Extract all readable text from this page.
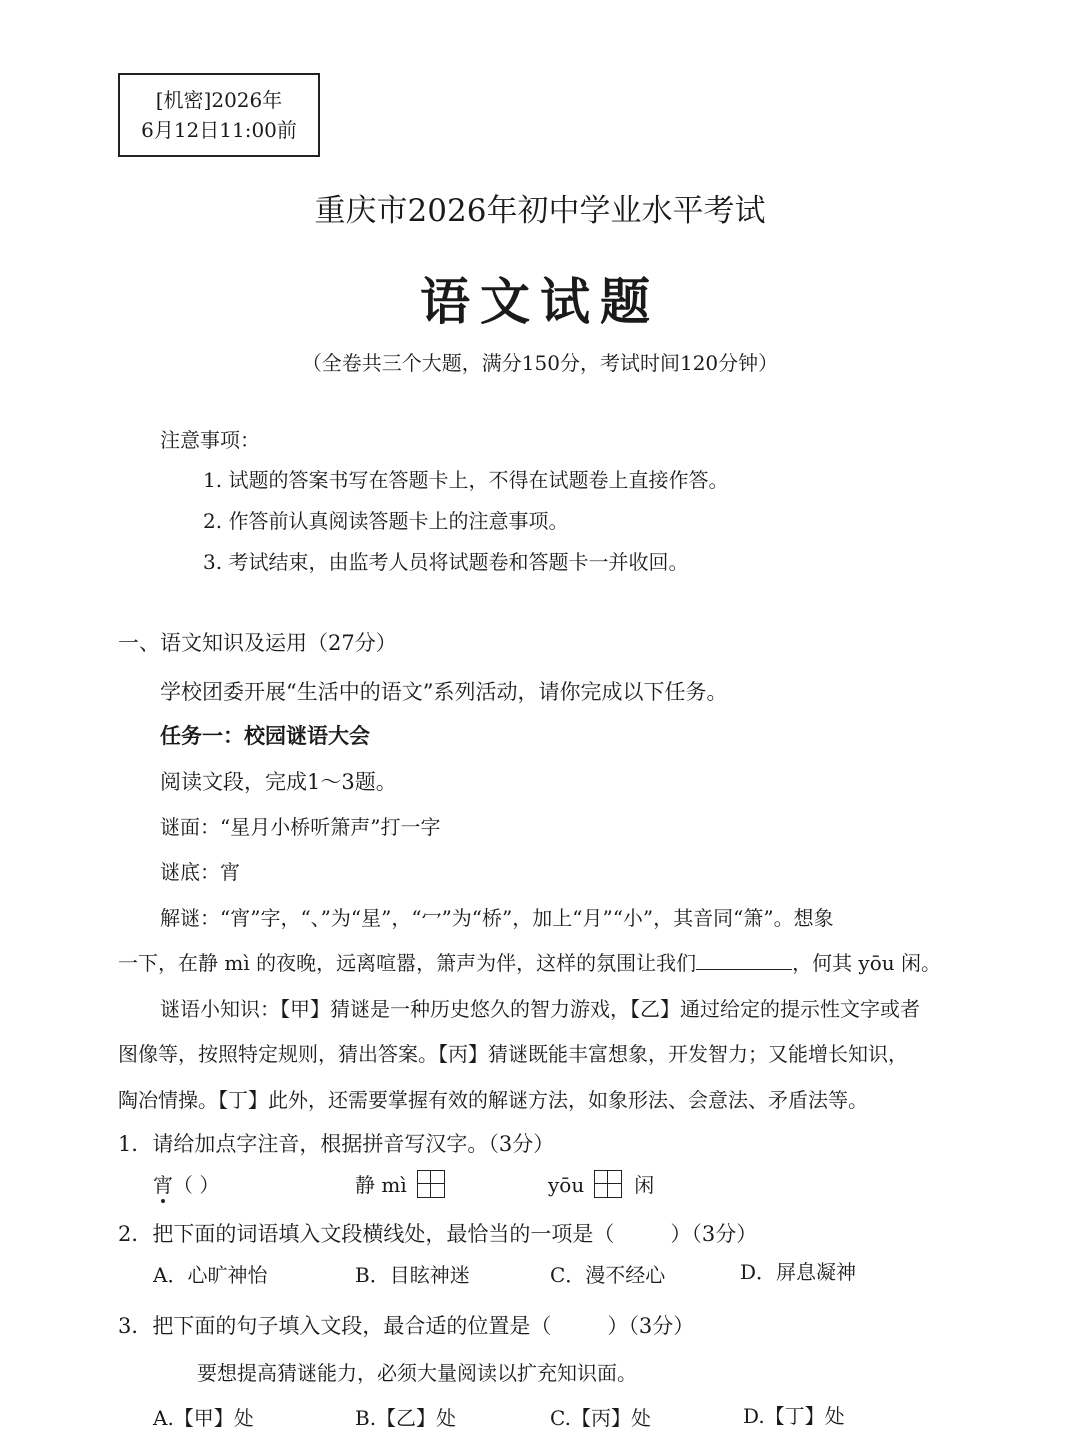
[机密]2026年
6月12日11:00前
重庆市2026年初中学业水平考试
语文试题
（全卷共三个大题，满分150分，考试时间120分钟）
注意事项：
1. 试题的答案书写在答题卡上，不得在试题卷上直接作答。
2. 作答前认真阅读答题卡上的注意事项。
3. 考试结束，由监考人员将试题卷和答题卡一并收回。
一、语文知识及运用（27分）
学校团委开展“生活中的语文”系列活动，请你完成以下任务。
任务一：校园谜语大会
阅读文段，完成1～3题。
谜面：“星月小桥听箫声”打一字
谜底：宵
解谜：“宵”字，“、”为“星”，“冖”为“桥”，加上“月”“小”，其音同“箫”。想象
一下，在静 mì 的夜晚，远离喧嚣，箫声为伴，这样的氛围让我们	，何其 yōu 闲。
谜语小知识：【甲】猜谜是一种历史悠久的智力游戏，【乙】通过给定的提示性文字或者
图像等，按照特定规则，猜出答案。【丙】猜谜既能丰富想象，开发智力；又能增长知识，
陶冶情操。【丁】此外，还需要掌握有效的解谜方法，如象形法、会意法、矛盾法等。
1．请给加点字注音，根据拼音写汉字。（3分）
宵（ ）	静 mì	yōu	闲
2．把下面的词语填入文段横线处，最恰当的一项是（	）（3分）
A．心旷神怡	B．目眩神迷	C．漫不经心	D．屏息凝神
3．把下面的句子填入文段，最合适的位置是（	）（3分）
要想提高猜谜能力，必须大量阅读以扩充知识面。
A.【甲】处	B.【乙】处	C.【丙】处	D.【丁】处
